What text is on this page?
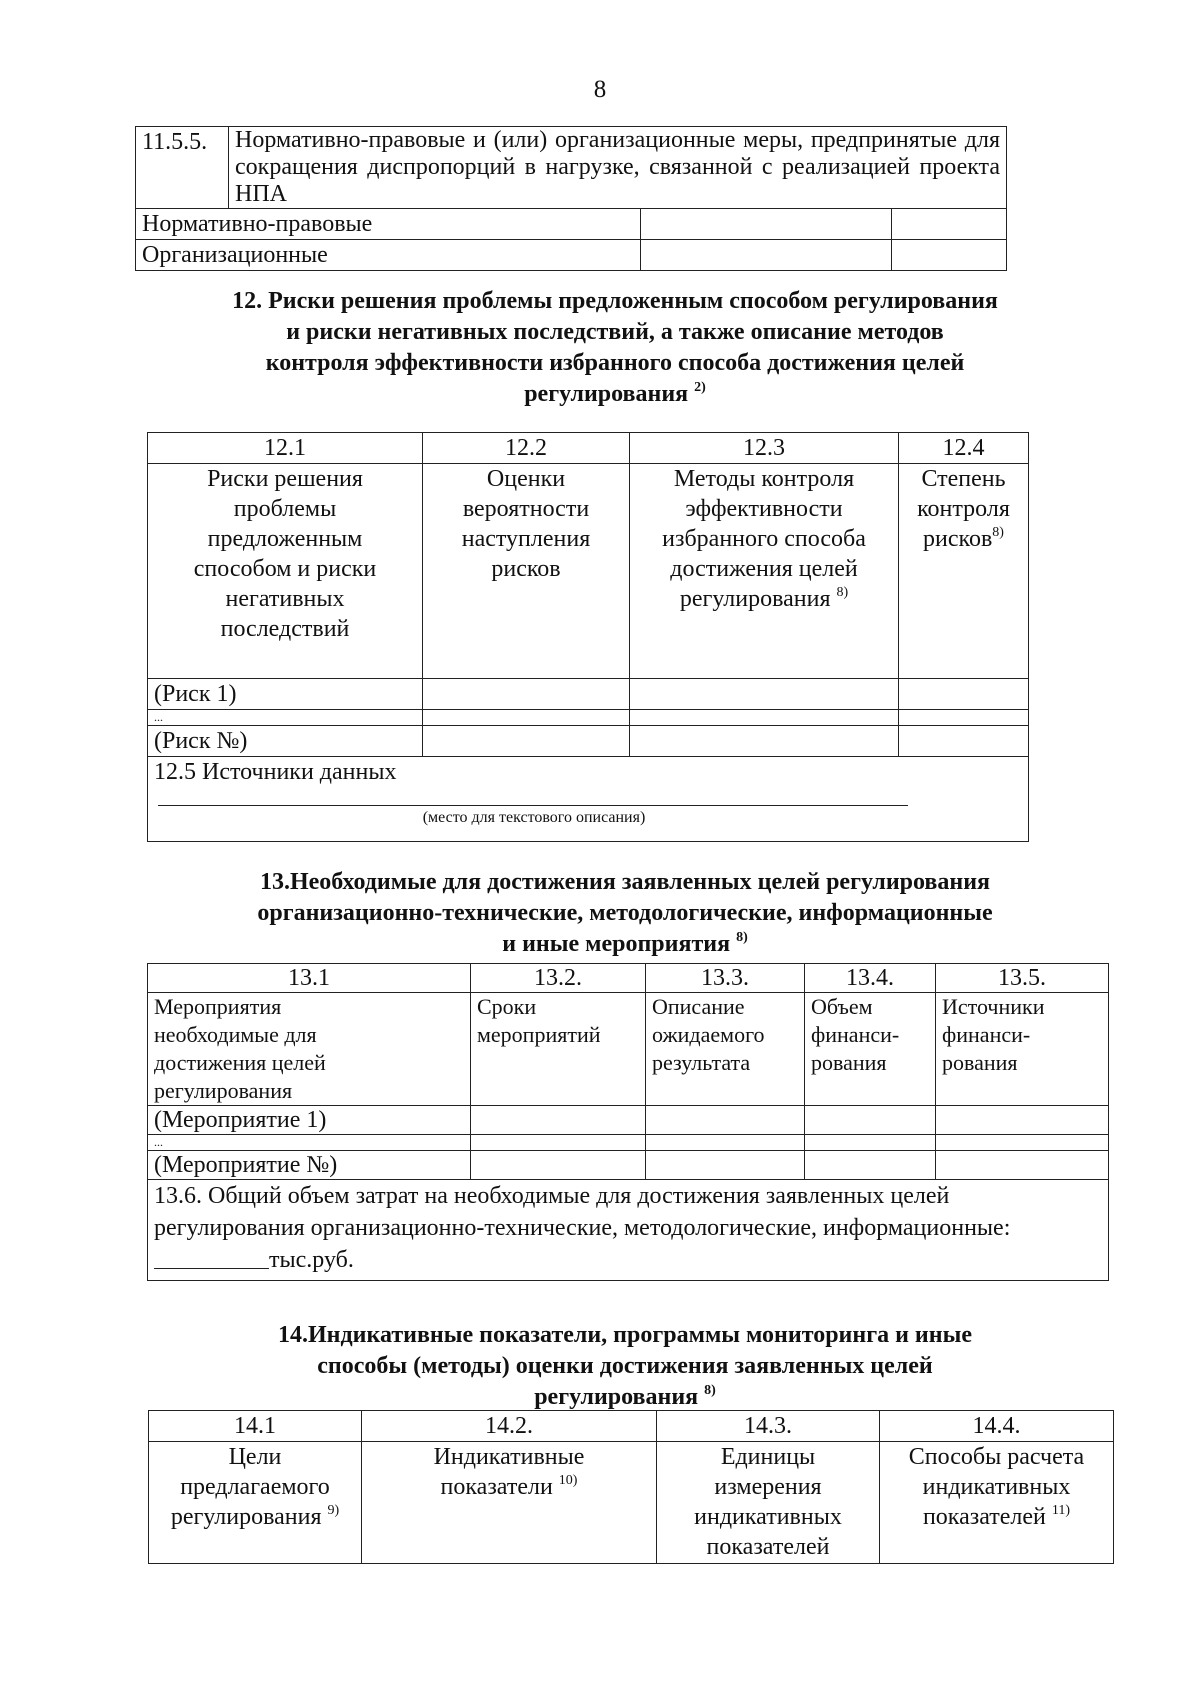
8
11.5.5.	Нормативно-правовые и (или) организационные меры, предпринятые для сокращения диспропорций в нагрузке, связанной с реализацией проекта НПА	

Нормативно-правовые		

Организационные		
12. Риски решения проблемы предложенным способом регулирования
и риски негативных последствий, а также описание методов
контроля эффективности избранного способа достижения целей
регулирования $^{2)}$
12.1	12.2	12.3	12.4

Риски решения проблемы предложенным способом и риски негативных последствий	Оценки вероятности наступления рисков	Методы контроля эффективности избранного способа достижения целей регулирования $^{8)}$	Степень контроля рисков$^{8)}$
(Риск 1)			
...			
(Риск №)			

12.5 Источники данных
(место для текстового описания)			
13.Необходимые для достижения заявленных целей регулирования
организационно-технические, методологические, информационные
и иные мероприятия $^{8)}$
13.1	13.2.	13.3.	13.4.	13.5.

Мероприятия необходимые для достижения целей регулирования	Сроки мероприятий	Описание ожидаемого результата	Объем финанси-рования	Источники финанси-рования

(Мероприятие 1)				
...				
(Мероприятие №)				
13.6. Общий объем затрат на необходимые для достижения заявленных целей регулирования организационно-технические, методологические, информационные: тыс.руб.				
14.Индикативные показатели, программы мониторинга и иные
способы (методы) оценки достижения заявленных целей
регулирования $^{8)}$
14.1	14.2.	14.3.	14.4.

Цели предлагаемого регулирования $^{9)}$	Индикативные показатели $^{10)}$	Единицы измерения индикативных показателей	Способы расчета индикативных показателей $^{11)}$
